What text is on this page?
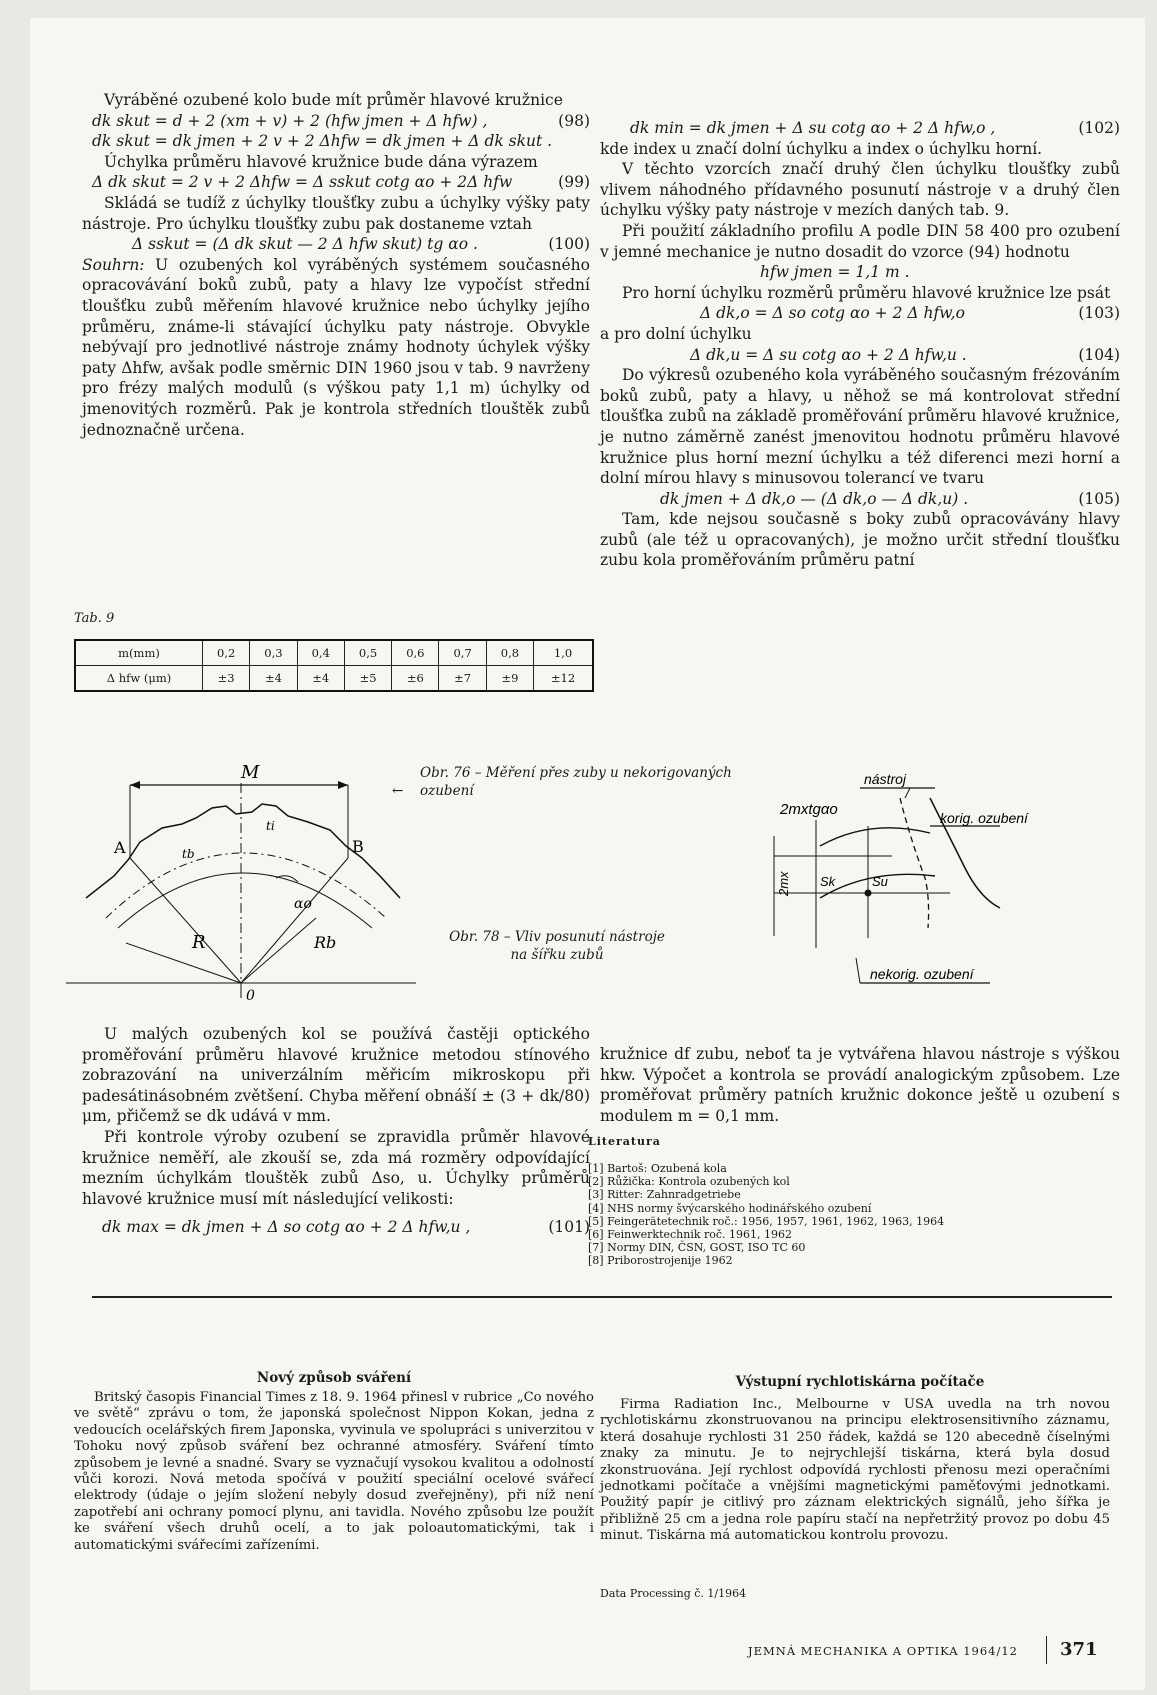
Vyráběné ozubené kolo bude mít průměr hlavové kružnice

dk skut = d + 2 (xm + v) + 2 (hfw jmen + Δ hfw) ,	(98)
dk skut = dk jmen + 2 v + 2 Δhfw = dk jmen + Δ dk skut .

Úchylka průměru hlavové kružnice bude dána výrazem

Δ dk skut = 2 v + 2 Δhfw = Δ sskut cotg αo + 2Δ hfw	(99)

Skládá se tudíž z úchylky tloušťky zubu a úchylky výšky paty nástroje. Pro úchylku tloušťky zubu pak dostaneme vztah

Δ sskut = (Δ dk skut — 2 Δ hfw skut) tg αo .	(100)

Souhrn: U ozubených kol vyráběných systémem současného opracovávání boků zubů, paty a hlavy lze vypočíst střední tloušťku zubů měřením hlavové kružnice nebo úchylky jejího průměru, známe-li stávající úchylku paty nástroje. Obvykle nebývají pro jednotlivé nástroje známy hodnoty úchylek výšky paty Δhfw, avšak podle směrnic DIN 1960 jsou v tab. 9 navrženy pro frézy malých modulů (s výškou paty 1,1 m) úchylky od jmenovitých rozměrů. Pak je kontrola středních tlouštěk zubů jednoznačně určena.

Tab. 9
m(mm)	0,2	0,3	0,4	0,5	0,6	0,7	0,8	1,0
Δ hfw (μm)	±3	±4	±4	±5	±6	±7	±9	±12
dk min = dk jmen + Δ su cotg αo + 2 Δ hfw,o ,	(102)

kde index u značí dolní úchylku a index o úchylku horní.

V těchto vzorcích značí druhý člen úchylku tloušťky zubů vlivem náhodného přídavného posunutí nástroje v a druhý člen úchylku výšky paty nástroje v mezích daných tab. 9.

Při použití základního profilu A podle DIN 58 400 pro ozubení v jemné mechanice je nutno dosadit do vzorce (94) hodnotu

hfw jmen = 1,1 m .

Pro horní úchylku rozměrů průměru hlavové kružnice lze psát

Δ dk,o = Δ so cotg αo + 2 Δ hfw,o	(103)

a pro dolní úchylku

Δ dk,u = Δ su cotg αo + 2 Δ hfw,u .	(104)

Do výkresů ozubeného kola vyráběného současným frézováním boků zubů, paty a hlavy, u něhož se má kontrolovat střední tloušťka zubů na základě proměřování průměru hlavové kružnice, je nutno záměrně zanést jmenovitou hodnotu průměru hlavové kružnice plus horní mezní úchylku a též diferenci mezi horní a dolní mírou hlavy s minusovou tolerancí ve tvaru

dk jmen + Δ dk,o — (Δ dk,o — Δ dk,u) .	(105)

Tam, kde nejsou současně s boky zubů opracovávány hlavy zubů (ale též u opracovaných), je možno určit střední tloušťku zubu kola proměřováním průměru patní

M
A	B
tb
ti
R	Rb
αo
0
Obr. 76 – Měření přes zuby u nekorigovaných ozubení
←
Obr. 78 – Vliv posunutí nástroje na šířku zubů
nástroj
2mxtgαo
2mx Sk	Su
korig. ozubení
nekorig. ozubení

U malých ozubených kol se používá častěji optického proměřování průměru hlavové kružnice metodou stínového zobrazování na univerzálním měřicím mikroskopu při padesátinásobném zvětšení. Chyba měření obnáší ± (3 + dk/80) μm, přičemž se dk udává v mm.

Při kontrole výroby ozubení se zpravidla průměr hlavové kružnice neměří, ale zkouší se, zda má rozměry odpovídající mezním úchylkám tlouštěk zubů Δso, u. Úchylky průměrů hlavové kružnice musí mít následující velikosti:

dk max = dk jmen + Δ so cotg αo + 2 Δ hfw,u ,	(101)

kružnice df zubu, neboť ta je vytvářena hlavou nástroje s výškou hkw. Výpočet a kontrola se provádí analogickým způsobem. Lze proměřovat průměry patních kružnic dokonce ještě u ozubení s modulem m = 0,1 mm.

Literatura
[1] Bartoš: Ozubená kola
[2] Růžička: Kontrola ozubených kol
[3] Ritter: Zahnradgetriebe
[4] NHS normy švýcarského hodinářského ozubení
[5] Feingerätetechnik roč.: 1956, 1957, 1961, 1962, 1963, 1964
[6] Feinwerktechnik roč. 1961, 1962
[7] Normy DIN, ČSN, GOST, ISO TC 60
[8] Priborostrojenije 1962
Nový způsob sváření
Britský časopis Financial Times z 18. 9. 1964 přinesl v rubrice „Co nového ve světě“ zprávu o tom, že japonská společnost Nippon Kokan, jedna z vedoucích ocelářských firem Japonska, vyvinula ve spolupráci s univerzitou v Tohoku nový způsob sváření bez ochranné atmosféry. Sváření tímto způsobem je levné a snadné. Svary se vyznačují vysokou kvalitou a odolností vůči korozi. Nová metoda spočívá v použití speciální ocelové svářecí elektrody (údaje o jejím složení nebyly dosud zveřejněny), při níž není zapotřebí ani ochrany pomocí plynu, ani tavidla. Nového způsobu lze použít ke sváření všech druhů ocelí, a to jak poloautomatickými, tak i automatickými svářecími zařízeními.
Výstupní rychlotiskárna počítače
Firma Radiation Inc., Melbourne v USA uvedla na trh novou rychlotiskárnu zkonstruovanou na principu elektrosensitivního záznamu, která dosahuje rychlosti 31 250 řádek, každá se 120 abecedně číselnými znaky za minutu. Je to nejrychlejší tiskárna, která byla dosud zkonstruována. Její rychlost odpovídá rychlosti přenosu mezi operačními jednotkami počítače a vnějšími magnetickými paměťovými jednotkami. Použitý papír je citlivý pro záznam elektrických signálů, jeho šířka je přibližně 25 cm a jedna role papíru stačí na nepřetržitý provoz po dobu 45 minut. Tiskárna má automatickou kontrolu provozu.
Data Processing č. 1/1964
JEMNÁ MECHANIKA A OPTIKA 1964/12 371
